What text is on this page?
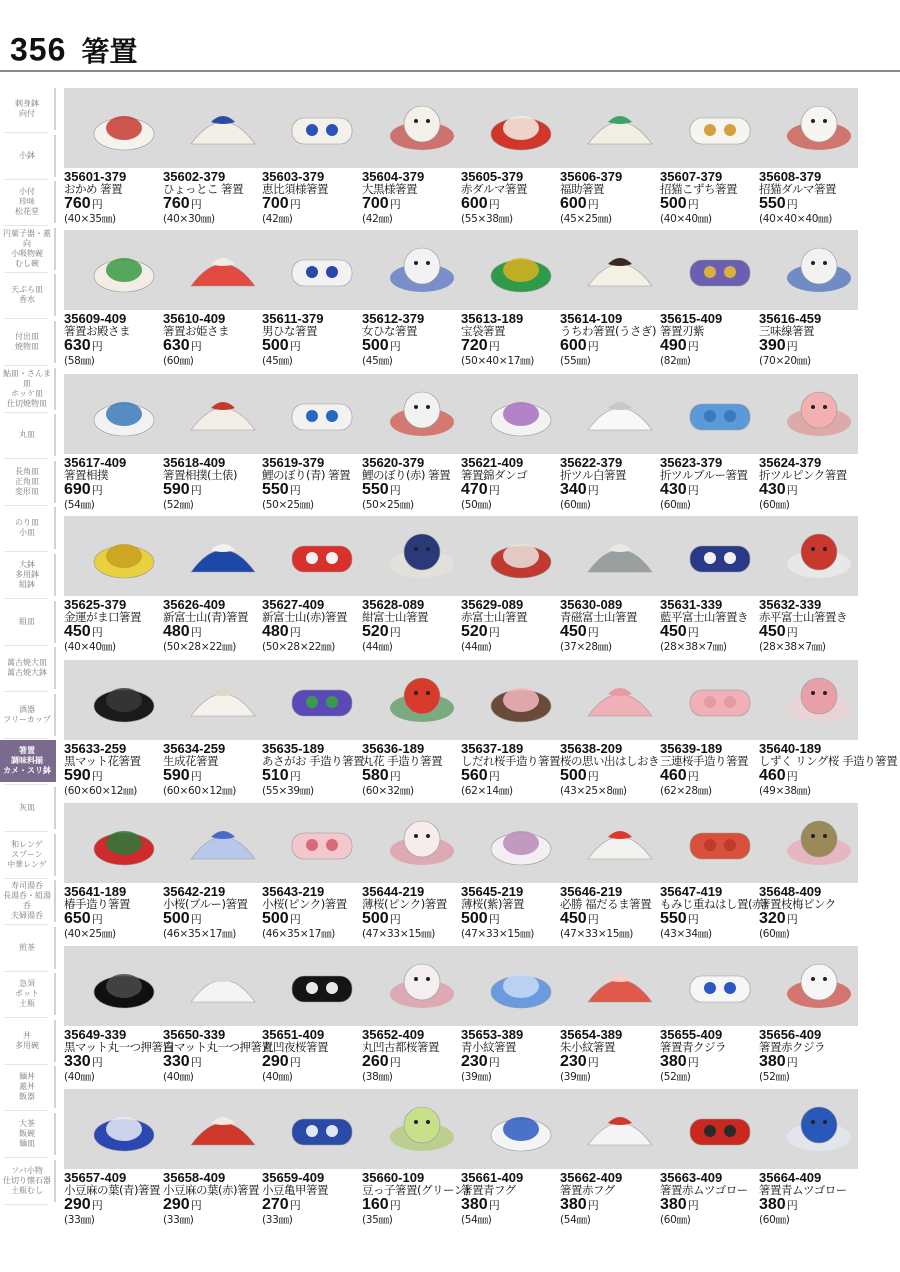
356 箸置
刺身鉢
向付
小鉢
小付
珍味
松花堂
円菓子器・蓋向
小吸物碗
むし碗
天ぷら皿
香水
付出皿
焼物皿
鮎皿・さんま皿
ホッケ皿
仕切焼物皿
丸皿
長角皿
正角皿
変形皿
のり皿
小皿
大鉢
多用鉢
組鉢
組皿
萬古焼大皿
萬古焼大鉢
酒器
フリーカップ
箸置
調味料揃
カメ・スリ鉢
灰皿
和レンゲ
スプーン
中華レンゲ
寿司湯呑
長湯呑・組湯呑
夫婦湯呑
煎茶
急須
ポット
土瓶
丼
多用碗
麺丼
蓋丼
飯器
大茶
飯碗
麺皿
ソバ小物
仕切り懐石器
土瓶むし
35601-379
おかめ 箸置
760円
(40×35㎜)
35602-379
ひょっとこ 箸置
760円
(40×30㎜)
35603-379
恵比須様箸置
700円
(42㎜)
35604-379
大黒様箸置
700円
(42㎜)
35605-379
赤ダルマ箸置
600円
(55×38㎜)
35606-379
福助箸置
600円
(45×25㎜)
35607-379
招猫こずち箸置
500円
(40×40㎜)
35608-379
招猫ダルマ箸置
550円
(40×40×40㎜)
35609-409
箸置お殿さま
630円
(58㎜)
35610-409
箸置お姫さま
630円
(60㎜)
35611-379
男ひな箸置
500円
(45㎜)
35612-379
女ひな箸置
500円
(45㎜)
35613-189
宝袋箸置
720円
(50×40×17㎜)
35614-109
うちわ箸置(うさぎ)
600円
(55㎜)
35615-409
箸置刃紫
490円
(82㎜)
35616-459
三味線箸置
390円
(70×20㎜)
35617-409
箸置相撲
690円
(54㎜)
35618-409
箸置相撲(土俵)
590円
(52㎜)
35619-379
鯉のぼり(青) 箸置
550円
(50×25㎜)
35620-379
鯉のぼり(赤) 箸置
550円
(50×25㎜)
35621-409
箸置錦ダンゴ
470円
(50㎜)
35622-379
折ツル白箸置
340円
(60㎜)
35623-379
折ツルブルー箸置
430円
(60㎜)
35624-379
折ツルピンク箸置
430円
(60㎜)
35625-379
金運がま口箸置
450円
(40×40㎜)
35626-409
新富士山(青)箸置
480円
(50×28×22㎜)
35627-409
新富士山(赤)箸置
480円
(50×28×22㎜)
35628-089
紺富士山箸置
520円
(44㎜)
35629-089
赤富士山箸置
520円
(44㎜)
35630-089
青磁富士山箸置
450円
(37×28㎜)
35631-339
藍平富士山箸置き
450円
(28×38×7㎜)
35632-339
赤平富士山箸置き
450円
(28×38×7㎜)
35633-259
黒マット花箸置
590円
(60×60×12㎜)
35634-259
生成花箸置
590円
(60×60×12㎜)
35635-189
あさがお 手造り箸置
510円
(55×39㎜)
35636-189
丸花 手造り箸置
580円
(60×32㎜)
35637-189
しだれ桜手造り箸置
560円
(62×14㎜)
35638-209
桜の思い出はしおき
500円
(43×25×8㎜)
35639-189
三連桜手造り箸置
460円
(62×28㎜)
35640-189
しずく リング桜 手造り箸置
460円
(49×38㎜)
35641-189
椿手造り箸置
650円
(40×25㎜)
35642-219
小桜(ブルー)箸置
500円
(46×35×17㎜)
35643-219
小桜(ピンク)箸置
500円
(46×35×17㎜)
35644-219
薄桜(ピンク)箸置
500円
(47×33×15㎜)
35645-219
薄桜(紫)箸置
500円
(47×33×15㎜)
35646-219
必勝 福だるま箸置
450円
(47×33×15㎜)
35647-419
もみじ重ねはし置(赤)
550円
(43×34㎜)
35648-409
箸置枝梅ピンク
320円
(60㎜)
35649-339
黒マット丸一つ押箸置
330円
(40㎜)
35650-339
白マット丸一つ押箸置
330円
(40㎜)
35651-409
丸凹夜桜箸置
290円
(40㎜)
35652-409
丸凹古都桜箸置
260円
(38㎜)
35653-389
青小紋箸置
230円
(39㎜)
35654-389
朱小紋箸置
230円
(39㎜)
35655-409
箸置青クジラ
380円
(52㎜)
35656-409
箸置赤クジラ
380円
(52㎜)
35657-409
小豆麻の葉(青)箸置
290円
(33㎜)
35658-409
小豆麻の葉(赤)箸置
290円
(33㎜)
35659-409
小豆亀甲箸置
270円
(33㎜)
35660-109
豆っ子箸置(グリーン)
160円
(35㎜)
35661-409
箸置青フグ
380円
(54㎜)
35662-409
箸置赤フグ
380円
(54㎜)
35663-409
箸置赤ムツゴロー
380円
(60㎜)
35664-409
箸置青ムツゴロー
380円
(60㎜)
